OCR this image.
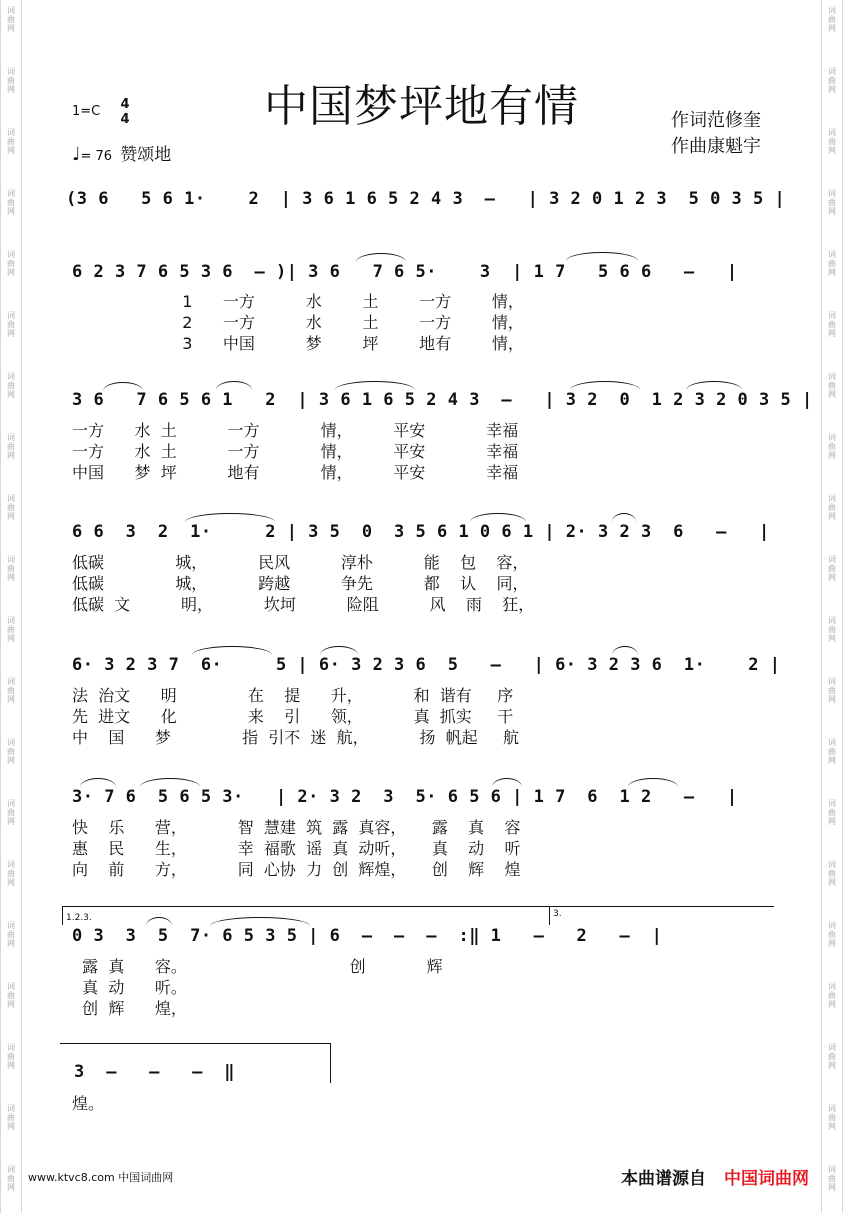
词
曲
网
词
曲
网
词
曲
网
词
曲
网
词
曲
网
词
曲
网
词
曲
网
词
曲
网
词
曲
网
词
曲
网
词
曲
网
词
曲
网
词
曲
网
词
曲
网
词
曲
网
词
曲
网
词
曲
网
词
曲
网
词
曲
网
词
曲
网
词
曲
网
词
曲
网
词
曲
网
词
曲
网
词
曲
网
词
曲
网
词
曲
网
词
曲
网
词
曲
网
词
曲
网
词
曲
网
词
曲
网
词
曲
网
词
曲
网
词
曲
网
词
曲
网
词
曲
网
词
曲
网
词
曲
网
词
曲
网
中国梦坪地有情
1=C 4
4
♩= 76 赞颂地
作词范修奎
作曲康魁宇
(3 6   5 6 1·    2  | 3 6 1 6 5 2 4 3  –   | 3 2 0 1 2 3  5 0 3 5 |
6 2 3 7 6 5 3 6  – )| 3 6   7 6 5·    3  | 1 7   5 6 6   –   |
1      一方          水        土        一方        情，
2      一方          水        土        一方        情，
3      中国          梦        坪        地有        情，
3 6   7 6 5 6 1   2  | 3 6 1 6 5 2 4 3  –   | 3 2  0  1 2 3 2 0 3 5 |
一方      水  土          一方            情，        平安            幸福
一方      水  土          一方            情，        平安            幸福
中国      梦  坪          地有            情，        平安            幸福
6 6  3  2  1·     2 | 3 5  0  3 5 6 1 0 6 1 | 2· 3 2 3  6   –   |
低碳              城，          民风          淳朴          能    包    容，
低碳              城，          跨越          争先          都    认    同，
低碳  文          明，          坎坷          险阻          风    雨    狂，
6· 3 2 3 7  6·     5 | 6· 3 2 3 6  5   –   | 6· 3 2 3 6  1·    2 |
法  治文      明              在    提      升，          和  谐有     序
先  进文      化              来    引      领，          真  抓实     干
中    国      梦              指  引不  迷  航，          扬  帆起     航
3· 7 6  5 6 5 3·   | 2· 3 2  3  5· 6 5 6 | 1 7  6  1 2   –   |
快    乐      营，          智  慧建  筑  露  真容，     露    真    容
惠    民      生，          幸  福歌  谣  真  动听，     真    动    听
向    前      方，          同  心协  力  创  辉煌，     创    辉    煌
1.2.3.	3.
0 3  3  5  7· 6 5 3 5 | 6  –  –  –  :‖ 1   –   2   –  |
露  真      容。                                创            辉
真  动      听。
创  辉      煌，
3  –   –   –  ‖
煌。
www.ktvc8.com 中国词曲网	本曲谱源自 中国词曲网
